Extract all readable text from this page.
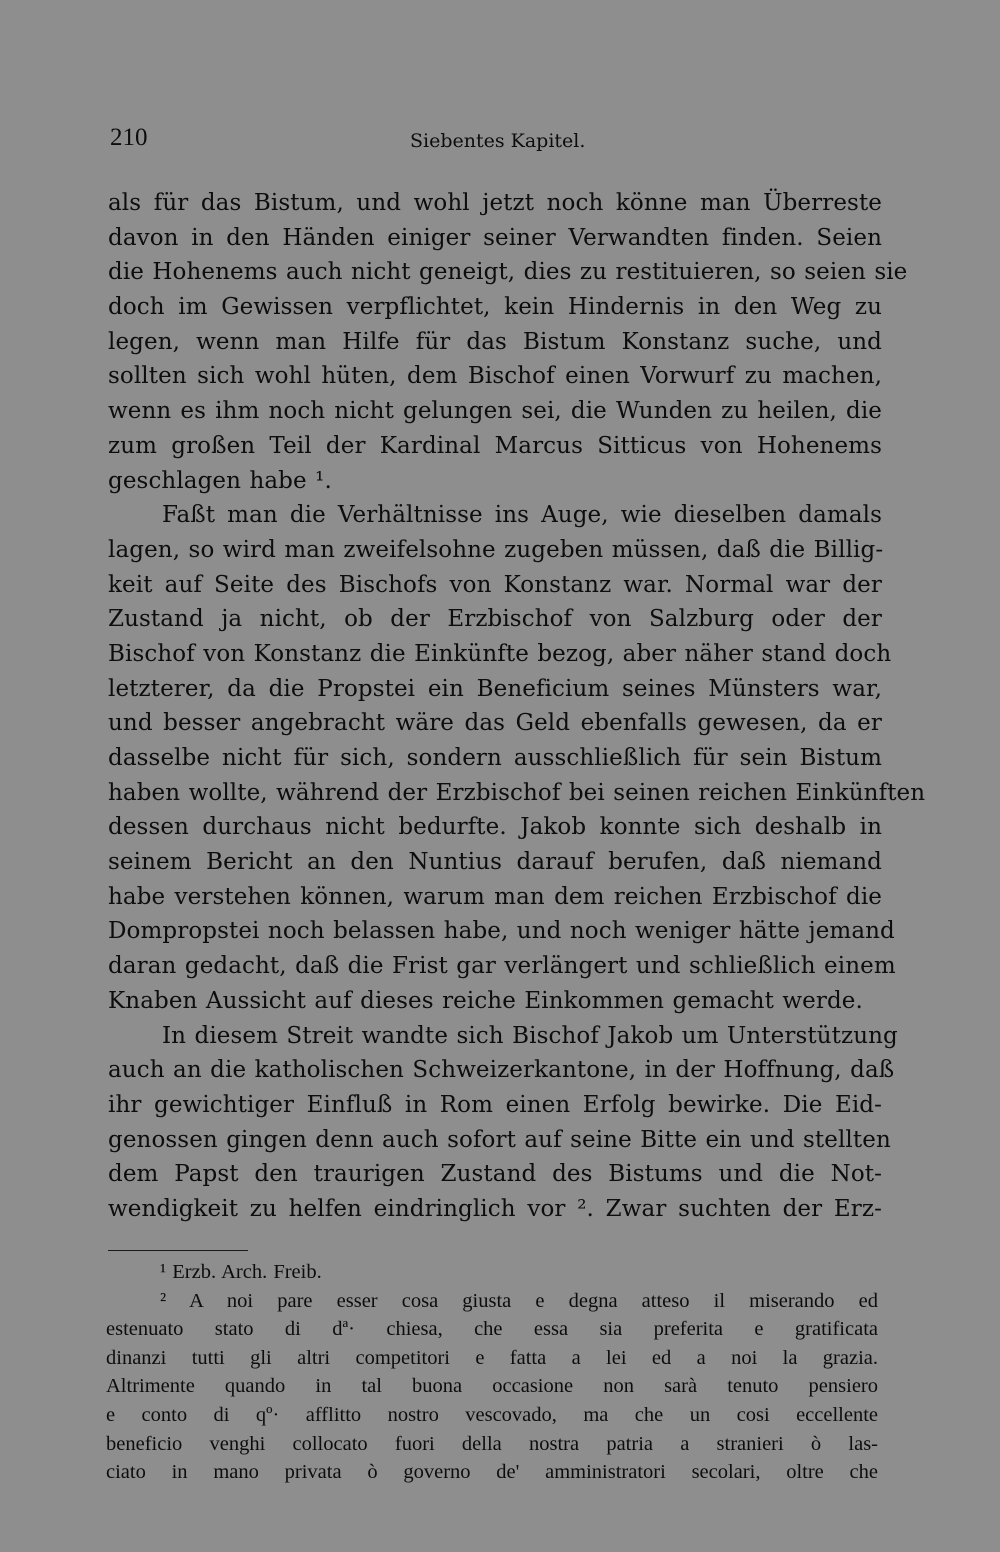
210	Siebentes Kapitel.
als für das Bistum, und wohl jetzt noch könne man Überreste
davon in den Händen einiger seiner Verwandten finden. Seien
die Hohenems auch nicht geneigt, dies zu restituieren, so seien sie
doch im Gewissen verpflichtet, kein Hindernis in den Weg zu
legen, wenn man Hilfe für das Bistum Konstanz suche, und
sollten sich wohl hüten, dem Bischof einen Vorwurf zu machen,
wenn es ihm noch nicht gelungen sei, die Wunden zu heilen, die
zum großen Teil der Kardinal Marcus Sitticus von Hohenems
geschlagen habe ¹.
Faßt man die Verhältnisse ins Auge, wie dieselben damals
lagen, so wird man zweifelsohne zugeben müssen, daß die Billig-
keit auf Seite des Bischofs von Konstanz war. Normal war der
Zustand ja nicht, ob der Erzbischof von Salzburg oder der
Bischof von Konstanz die Einkünfte bezog, aber näher stand doch
letzterer, da die Propstei ein Beneficium seines Münsters war,
und besser angebracht wäre das Geld ebenfalls gewesen, da er
dasselbe nicht für sich, sondern ausschließlich für sein Bistum
haben wollte, während der Erzbischof bei seinen reichen Einkünften
dessen durchaus nicht bedurfte. Jakob konnte sich deshalb in
seinem Bericht an den Nuntius darauf berufen, daß niemand
habe verstehen können, warum man dem reichen Erzbischof die
Dompropstei noch belassen habe, und noch weniger hätte jemand
daran gedacht, daß die Frist gar verlängert und schließlich einem
Knaben Aussicht auf dieses reiche Einkommen gemacht werde.
In diesem Streit wandte sich Bischof Jakob um Unterstützung
auch an die katholischen Schweizerkantone, in der Hoffnung, daß
ihr gewichtiger Einfluß in Rom einen Erfolg bewirke. Die Eid-
genossen gingen denn auch sofort auf seine Bitte ein und stellten
dem Papst den traurigen Zustand des Bistums und die Not-
wendigkeit zu helfen eindringlich vor ². Zwar suchten der Erz-
¹ Erzb. Arch. Freib.
² A noi pare esser cosa giusta e degna atteso il miserando ed
estenuato stato di dª· chiesa, che essa sia preferita e gratificata
dinanzi tutti gli altri competitori e fatta a lei ed a noi la grazia.
Altrimente quando in tal buona occasione non sarà tenuto pensiero
e conto di qº· afflitto nostro vescovado, ma che un cosi eccellente
beneficio venghi collocato fuori della nostra patria a stranieri ò las-
ciato in mano privata ò governo de' amministratori secolari, oltre che
